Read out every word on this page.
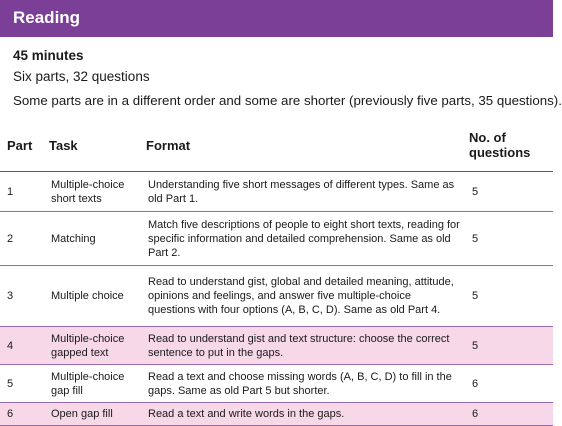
Reading
45 minutes
Six parts, 32 questions
Some parts are in a different order and some are shorter (previously five parts, 35 questions).
Part	Task	Format	No. of questions
1	Multiple-choice short texts	Understanding five short messages of different types. Same as old Part 1.	5
2	Matching	Match five descriptions of people to eight short texts, reading for specific information and detailed comprehension. Same as old Part 2.	5
3	Multiple choice	Read to understand gist, global and detailed meaning, attitude, opinions and feelings, and answer five multiple-choice questions with four options (A, B, C, D). Same as old Part 4.	5
4	Multiple-choice gapped text	Read to understand gist and text structure: choose the correct sentence to put in the gaps.	5
5	Multiple-choice gap fill	Read a text and choose missing words (A, B, C, D) to fill in the gaps. Same as old Part 5 but shorter.	6
6	Open gap fill	Read a text and write words in the gaps.	6
